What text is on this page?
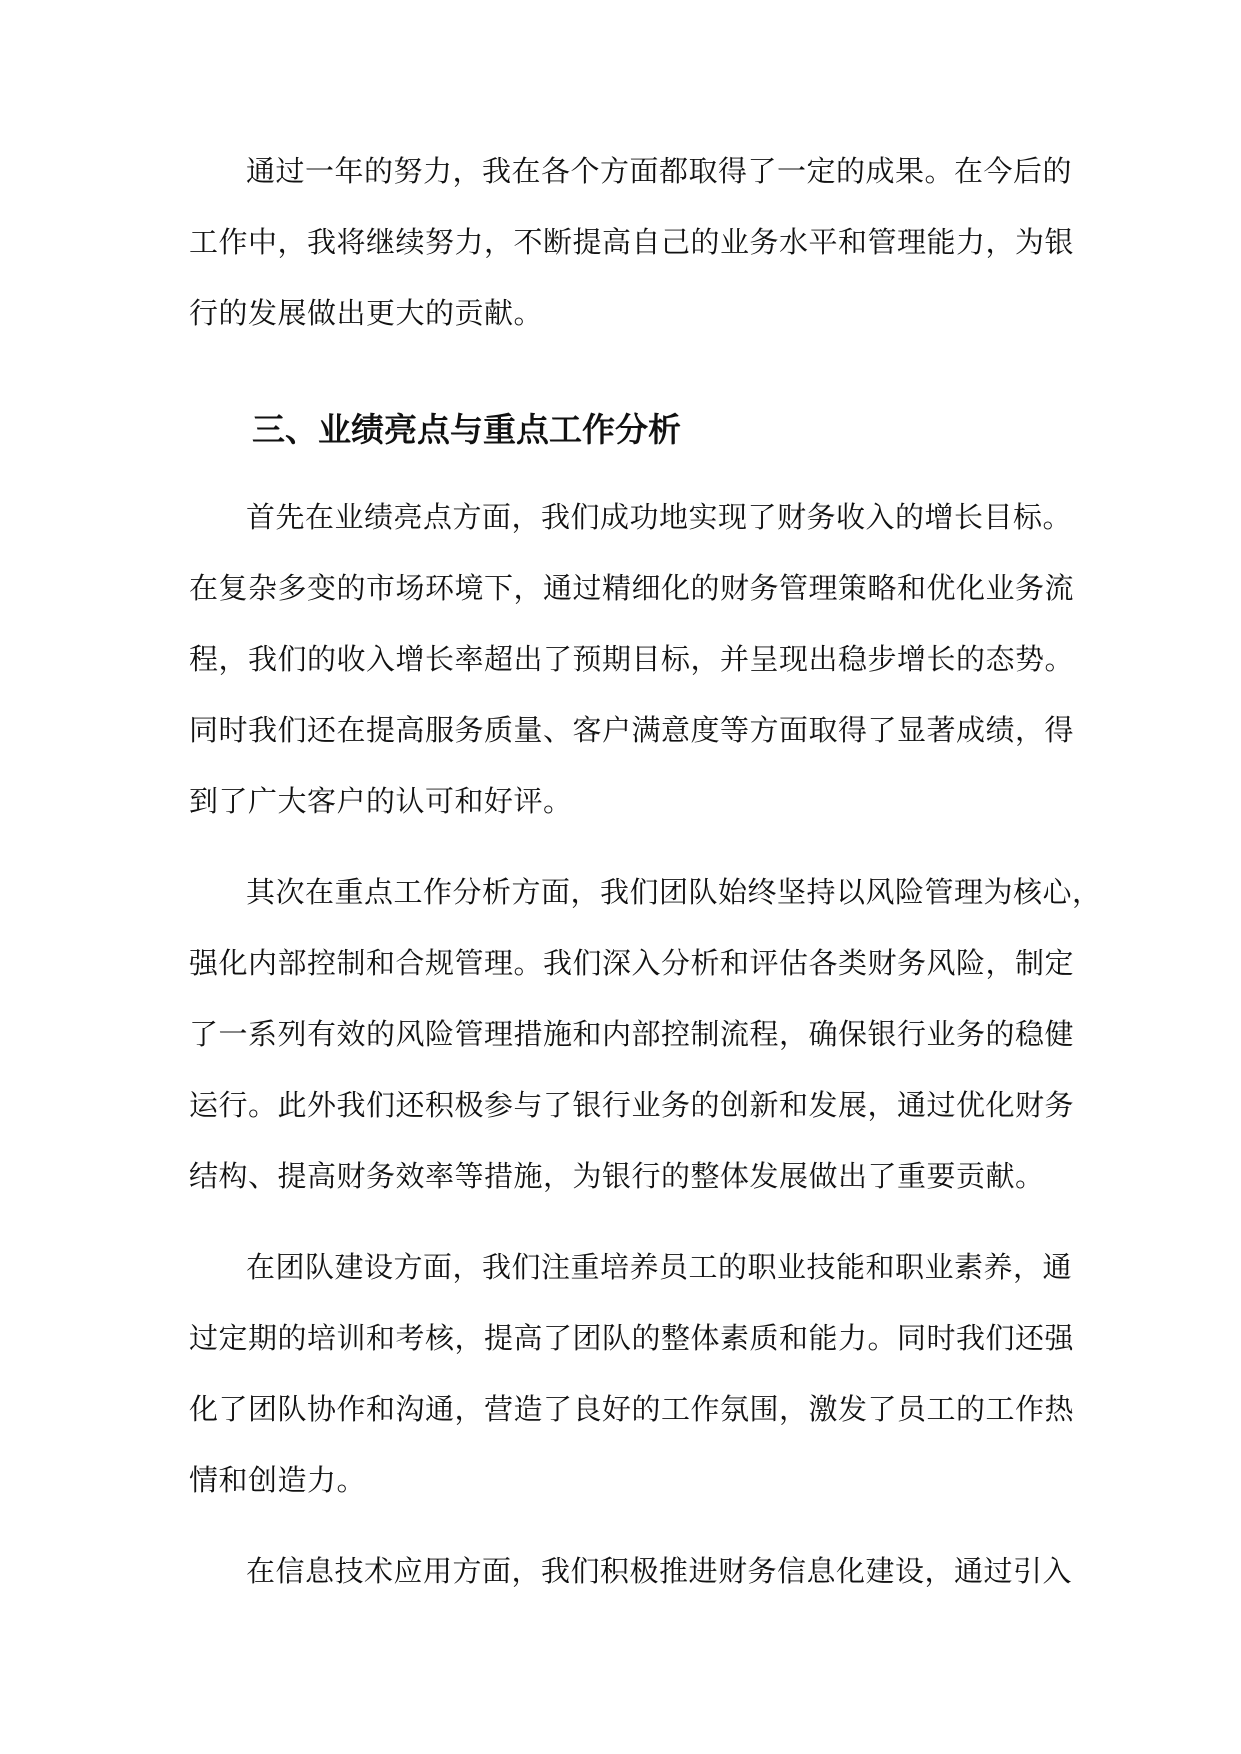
通过一年的努力，我在各个方面都取得了一定的成果。在今后的
工作中，我将继续努力，不断提高自己的业务水平和管理能力，为银
行的发展做出更大的贡献。
三、业绩亮点与重点工作分析
首先在业绩亮点方面，我们成功地实现了财务收入的增长目标。
在复杂多变的市场环境下，通过精细化的财务管理策略和优化业务流
程，我们的收入增长率超出了预期目标，并呈现出稳步增长的态势。
同时我们还在提高服务质量、客户满意度等方面取得了显著成绩，得
到了广大客户的认可和好评。
其次在重点工作分析方面，我们团队始终坚持以风险管理为核心，
强化内部控制和合规管理。我们深入分析和评估各类财务风险，制定
了一系列有效的风险管理措施和内部控制流程，确保银行业务的稳健
运行。此外我们还积极参与了银行业务的创新和发展，通过优化财务
结构、提高财务效率等措施，为银行的整体发展做出了重要贡献。
在团队建设方面，我们注重培养员工的职业技能和职业素养，通
过定期的培训和考核，提高了团队的整体素质和能力。同时我们还强
化了团队协作和沟通，营造了良好的工作氛围，激发了员工的工作热
情和创造力。
在信息技术应用方面，我们积极推进财务信息化建设，通过引入
